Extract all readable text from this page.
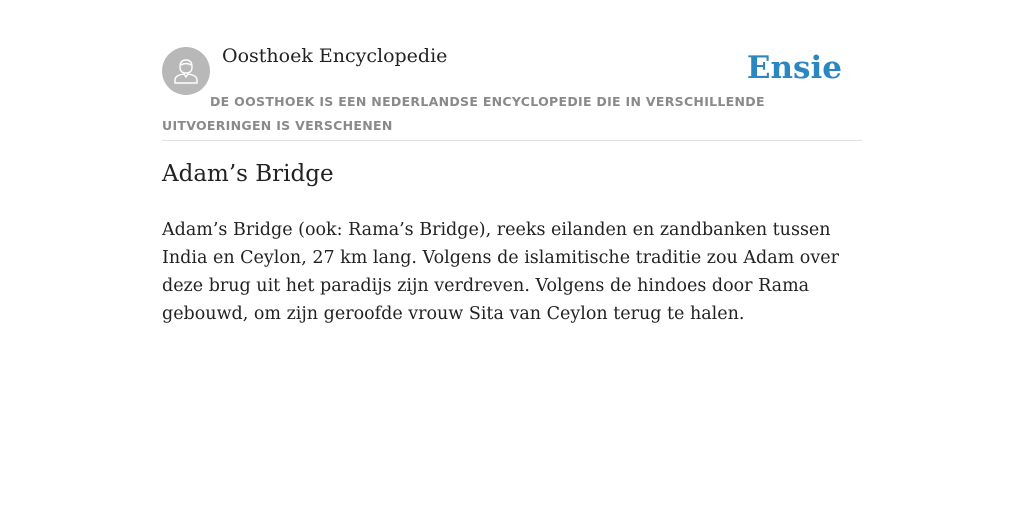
Oosthoek Encyclopedie	Ensie
DE OOSTHOEK IS EEN NEDERLANDSE ENCYCLOPEDIE DIE IN VERSCHILLENDE UITVOERINGEN IS VERSCHENEN
Adam’s Bridge

Adam’s Bridge (ook: Rama’s Bridge), reeks eilanden en zandbanken tussen India en Ceylon, 27 km lang. Volgens de islamitische traditie zou Adam over deze brug uit het paradijs zijn verdreven. Volgens de hindoes door Rama gebouwd, om zijn geroofde vrouw Sita van Ceylon terug te halen.
